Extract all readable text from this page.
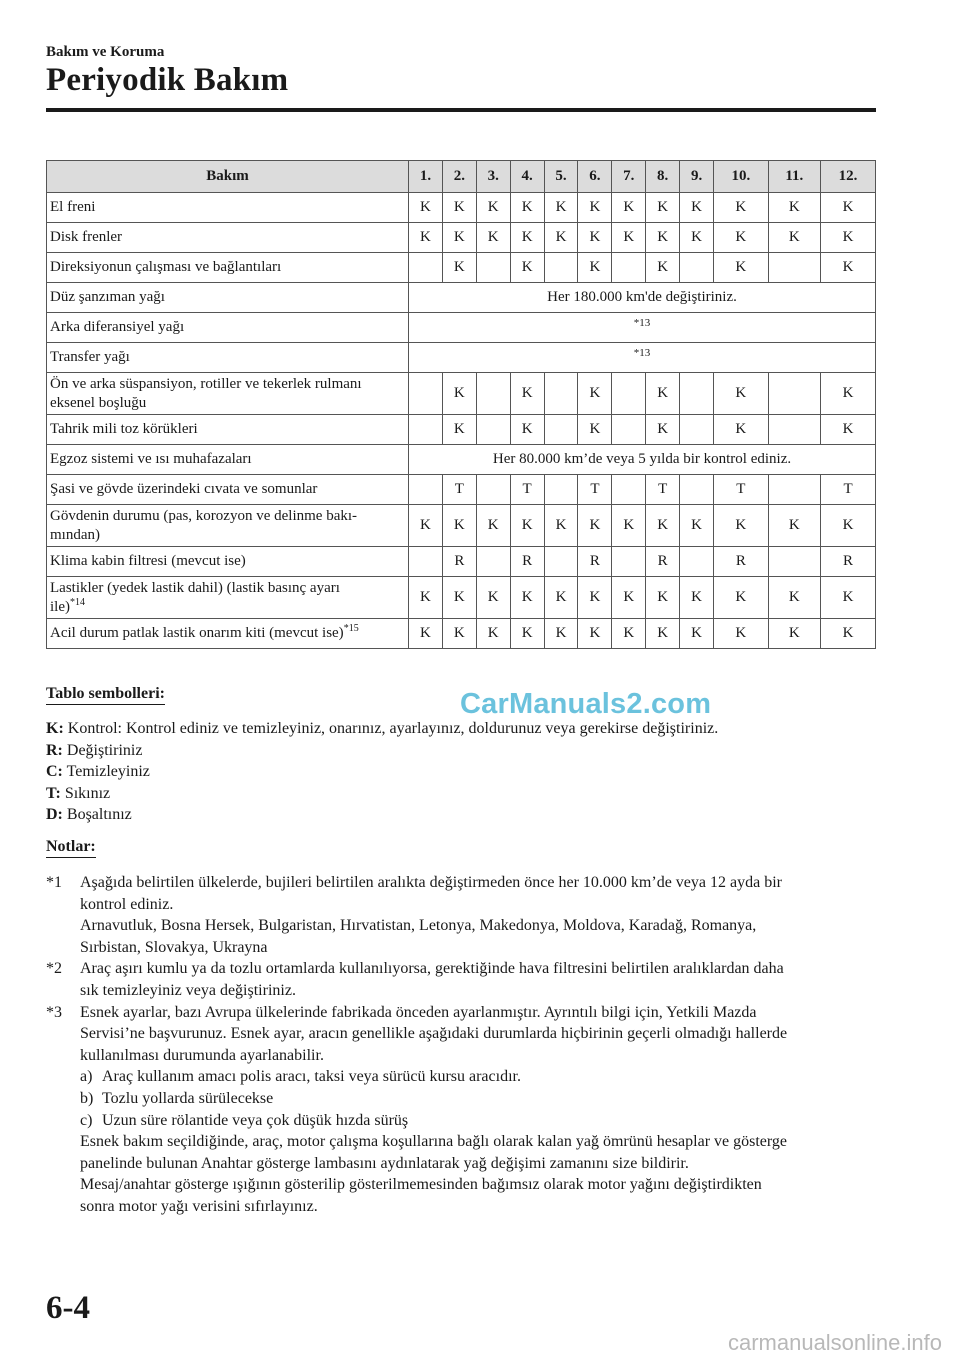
Bakım ve Koruma
Periyodik Bakım
Bakım	1.	2.	3.	4.	5.	6.	7.	8.	9.	10.	11.	12.
El freni	K	K	K	K	K	K	K	K	K	K	K	K
Disk frenler	K	K	K	K	K	K	K	K	K	K	K	K
Direksiyonun çalışması ve bağlantıları		K		K		K		K		K		K
Düz şanzıman yağı	Her 180.000 km'de değiştiriniz.											
Arka diferansiyel yağı	*13											
Transfer yağı	*13											
Ön ve arka süspansiyon, rotiller ve tekerlek rulmanı
eksenel boşluğu		K		K		K		K		K		K
Tahrik mili toz körükleri		K		K		K		K		K		K
Egzoz sistemi ve ısı muhafazaları	Her 80.000 km’de veya 5 yılda bir kontrol ediniz.											
Şasi ve gövde üzerindeki cıvata ve somunlar		T		T		T		T		T		T
Gövdenin durumu (pas, korozyon ve delinme bakı-
mından)	K	K	K	K	K	K	K	K	K	K	K	K
Klima kabin filtresi (mevcut ise)		R		R		R		R		R		R
Lastikler (yedek lastik dahil) (lastik basınç ayarı
ile)$^{*14}$	K	K	K	K	K	K	K	K	K	K	K	K
Acil durum patlak lastik onarım kiti (mevcut ise)$^{*15}$	K	K	K	K	K	K	K	K	K	K	K	K
Tablo sembolleri:
K: Kontrol: Kontrol ediniz ve temizleyiniz, onarınız, ayarlayınız, doldurunuz veya gerekirse değiştiriniz.
R: Değiştiriniz
C: Temizleyiniz
T: Sıkınız
D: Boşaltınız
CarManuals2.com
Notlar:
*1 Aşağıda belirtilen ülkelerde, bujileri belirtilen aralıkta değiştirmeden önce her 10.000 km’de veya 12 ayda bir
kontrol ediniz.
Arnavutluk, Bosna Hersek, Bulgaristan, Hırvatistan, Letonya, Makedonya, Moldova, Karadağ, Romanya,
Sırbistan, Slovakya, Ukrayna
*2 Araç aşırı kumlu ya da tozlu ortamlarda kullanılıyorsa, gerektiğinde hava filtresini belirtilen aralıklardan daha
sık temizleyiniz veya değiştiriniz.
*3 Esnek ayarlar, bazı Avrupa ülkelerinde fabrikada önceden ayarlanmıştır. Ayrıntılı bilgi için, Yetkili Mazda
Servisi’ne başvurunuz. Esnek ayar, aracın genellikle aşağıdaki durumlarda hiçbirinin geçerli olmadığı hallerde
kullanılması durumunda ayarlanabilir.
a) Araç kullanım amacı polis aracı, taksi veya sürücü kursu aracıdır.
b) Tozlu yollarda sürülecekse
c) Uzun süre rölantide veya çok düşük hızda sürüş
Esnek bakım seçildiğinde, araç, motor çalışma koşullarına bağlı olarak kalan yağ ömrünü hesaplar ve gösterge
panelinde bulunan Anahtar gösterge lambasını aydınlatarak yağ değişimi zamanını size bildirir.
Mesaj/anahtar gösterge ışığının gösterilip gösterilmemesinden bağımsız olarak motor yağını değiştirdikten
sonra motor yağı verisini sıfırlayınız.
6-4
carmanualsonline.info
